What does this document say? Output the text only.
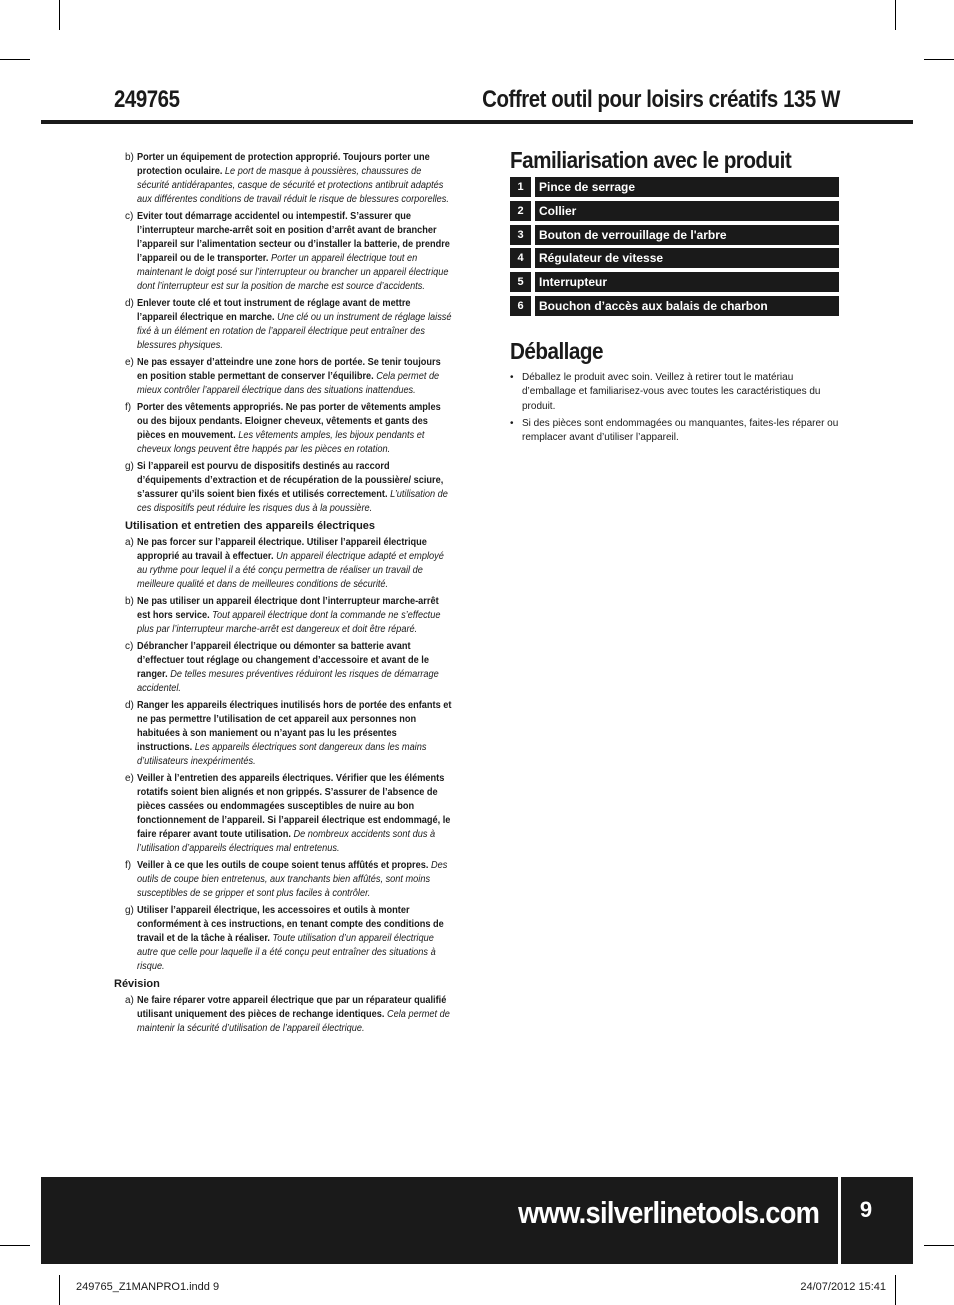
249765	Coffret outil pour loisirs créatifs 135 W
b) Porter un équipement de protection approprié. Toujours porter une protection oculaire. Le port de masque à poussières, chaussures de sécurité antidérapantes, casque de sécurité et protections antibruit adaptés aux différentes conditions de travail réduit le risque de blessures corporelles.
c) Eviter tout démarrage accidentel ou intempestif. S’assurer que l’interrupteur marche-arrêt soit en position d’arrêt avant de brancher l’appareil sur l’alimentation secteur ou d’installer la batterie, de prendre l’appareil ou de le transporter. Porter un appareil électrique tout en maintenant le doigt posé sur l’interrupteur ou brancher un appareil électrique dont l’interrupteur est sur la position de marche est source d’accidents.
d) Enlever toute clé et tout instrument de réglage avant de mettre l’appareil électrique en marche. Une clé ou un instrument de réglage laissé fixé à un élément en rotation de l’appareil électrique peut entraîner des blessures physiques.
e) Ne pas essayer d’atteindre une zone hors de portée. Se tenir toujours en position stable permettant de conserver l’équilibre. Cela permet de mieux contrôler l’appareil électrique dans des situations inattendues.
f) Porter des vêtements appropriés. Ne pas porter de vêtements amples ou des bijoux pendants. Eloigner cheveux, vêtements et gants des pièces en mouvement. Les vêtements amples, les bijoux pendants et cheveux longs peuvent être happés par les pièces en rotation.
g) Si l’appareil est pourvu de dispositifs destinés au raccord d’équipements d’extraction et de récupération de la poussière/ sciure, s’assurer qu’ils soient bien fixés et utilisés correctement. L’utilisation de ces dispositifs peut réduire les risques dus à la poussière.
Utilisation et entretien des appareils électriques
a) Ne pas forcer sur l’appareil électrique. Utiliser l’appareil électrique approprié au travail à effectuer. Un appareil électrique adapté et employé au rythme pour lequel il a été conçu permettra de réaliser un travail de meilleure qualité et dans de meilleures conditions de sécurité.
b) Ne pas utiliser un appareil électrique dont l’interrupteur marche-arrêt est hors service. Tout appareil électrique dont la commande ne s’effectue plus par l’interrupteur marche-arrêt est dangereux et doit être réparé.
c) Débrancher l’appareil électrique ou démonter sa batterie avant d’effectuer tout réglage ou changement d’accessoire et avant de le ranger. De telles mesures préventives réduiront les risques de démarrage accidentel.
d) Ranger les appareils électriques inutilisés hors de portée des enfants et ne pas permettre l’utilisation de cet appareil aux personnes non habituées à son maniement ou n’ayant pas lu les présentes instructions. Les appareils électriques sont dangereux dans les mains d’utilisateurs inexpérimentés.
e) Veiller à l’entretien des appareils électriques. Vérifier que les éléments rotatifs soient bien alignés et non grippés. S’assurer de l’absence de pièces cassées ou endommagées susceptibles de nuire au bon fonctionnement de l’appareil. Si l’appareil électrique est endommagé, le faire réparer avant toute utilisation. De nombreux accidents sont dus à l’utilisation d’appareils électriques mal entretenus.
f) Veiller à ce que les outils de coupe soient tenus affûtés et propres. Des outils de coupe bien entretenus, aux tranchants bien affûtés, sont moins susceptibles de se gripper et sont plus faciles à contrôler.
g) Utiliser l’appareil électrique, les accessoires et outils à monter conformément à ces instructions, en tenant compte des conditions de travail et de la tâche à réaliser. Toute utilisation d’un appareil électrique autre que celle pour laquelle il a été conçu peut entraîner des situations à risque.
Révision
a) Ne faire réparer votre appareil électrique que par un réparateur qualifié utilisant uniquement des pièces de rechange identiques. Cela permet de maintenir la sécurité d’utilisation de l’appareil électrique.
Familiarisation avec le produit
1	Pince de serrage
2	Collier
3	Bouton de verrouillage de l'arbre
4	Régulateur de vitesse
5	Interrupteur
6	Bouchon d’accès aux balais de charbon
Déballage
• Déballez le produit avec soin. Veillez à retirer tout le matériau d’emballage et familiarisez-vous avec toutes les caractéristiques du produit.
• Si des pièces sont endommagées ou manquantes, faites-les réparer ou remplacer avant d’utiliser l’appareil.
www.silverlinetools.com	9
249765_Z1MANPRO1.indd 9	24/07/2012 15:41
